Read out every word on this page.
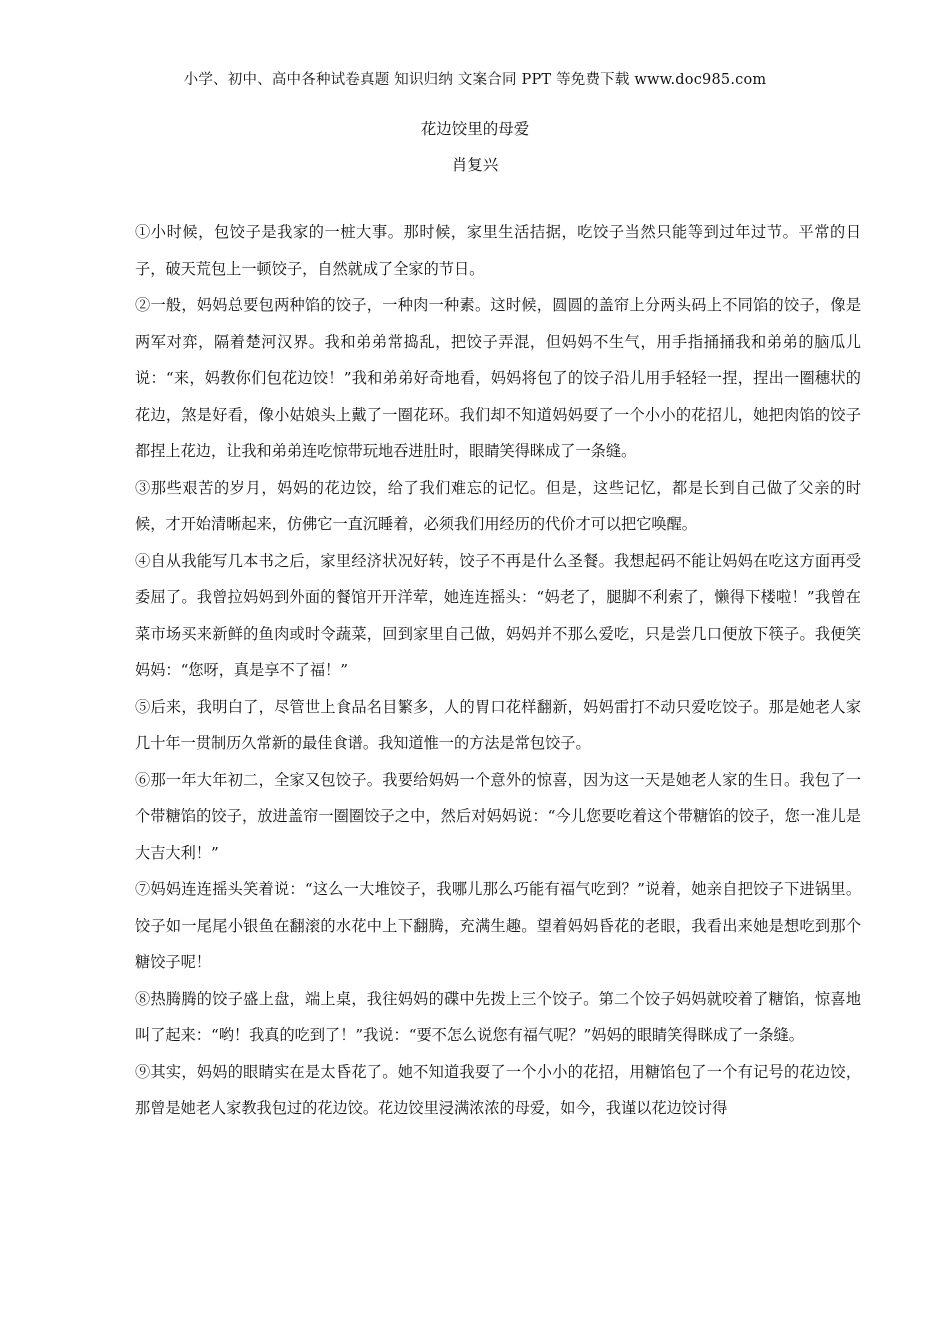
小学、初中、高中各种试卷真题 知识归纳 文案合同 PPT 等免费下载 www.doc985.com
花边饺里的母爱
肖复兴

①小时候，包饺子是我家的一桩大事。那时候，家里生活拮据，吃饺子当然只能等到过年过节。平常的日子，破天荒包上一顿饺子，自然就成了全家的节日。

②一般，妈妈总要包两种馅的饺子，一种肉一种素。这时候，圆圆的盖帘上分两头码上不同馅的饺子，像是两军对弈，隔着楚河汉界。我和弟弟常捣乱，把饺子弄混，但妈妈不生气，用手指捅捅我和弟弟的脑瓜儿说：“来，妈教你们包花边饺！”我和弟弟好奇地看，妈妈将包了的饺子沿儿用手轻轻一捏，捏出一圈穗状的花边，煞是好看，像小姑娘头上戴了一圈花环。我们却不知道妈妈耍了一个小小的花招儿，她把肉馅的饺子都捏上花边，让我和弟弟连吃惊带玩地吞进肚时，眼睛笑得眯成了一条缝。

③那些艰苦的岁月，妈妈的花边饺，给了我们难忘的记忆。但是，这些记忆，都是长到自己做了父亲的时候，才开始清晰起来，仿佛它一直沉睡着，必须我们用经历的代价才可以把它唤醒。

④自从我能写几本书之后，家里经济状况好转，饺子不再是什么圣餐。我想起码不能让妈妈在吃这方面再受委屈了。我曾拉妈妈到外面的餐馆开开洋荤，她连连摇头：“妈老了，腿脚不利索了，懒得下楼啦！”我曾在菜市场买来新鲜的鱼肉或时令蔬菜，回到家里自己做，妈妈并不那么爱吃，只是尝几口便放下筷子。我便笑妈妈：“您呀，真是享不了福！”

⑤后来，我明白了，尽管世上食品名目繁多，人的胃口花样翻新，妈妈雷打不动只爱吃饺子。那是她老人家几十年一贯制历久常新的最佳食谱。我知道惟一的方法是常包饺子。

⑥那一年大年初二，全家又包饺子。我要给妈妈一个意外的惊喜，因为这一天是她老人家的生日。我包了一个带糖馅的饺子，放进盖帘一圈圈饺子之中，然后对妈妈说：“今儿您要吃着这个带糖馅的饺子，您一准儿是大吉大利！”

⑦妈妈连连摇头笑着说：“这么一大堆饺子，我哪儿那么巧能有福气吃到？”说着，她亲自把饺子下进锅里。饺子如一尾尾小银鱼在翻滚的水花中上下翻腾，充满生趣。望着妈妈昏花的老眼，我看出来她是想吃到那个糖饺子呢！

⑧热腾腾的饺子盛上盘，端上桌，我往妈妈的碟中先拨上三个饺子。第二个饺子妈妈就咬着了糖馅，惊喜地叫了起来：“哟！我真的吃到了！”我说：“要不怎么说您有福气呢？”妈妈的眼睛笑得眯成了一条缝。

⑨其实，妈妈的眼睛实在是太昏花了。她不知道我耍了一个小小的花招，用糖馅包了一个有记号的花边饺，那曾是她老人家教我包过的花边饺。花边饺里浸满浓浓的母爱，如今，我谨以花边饺讨得
